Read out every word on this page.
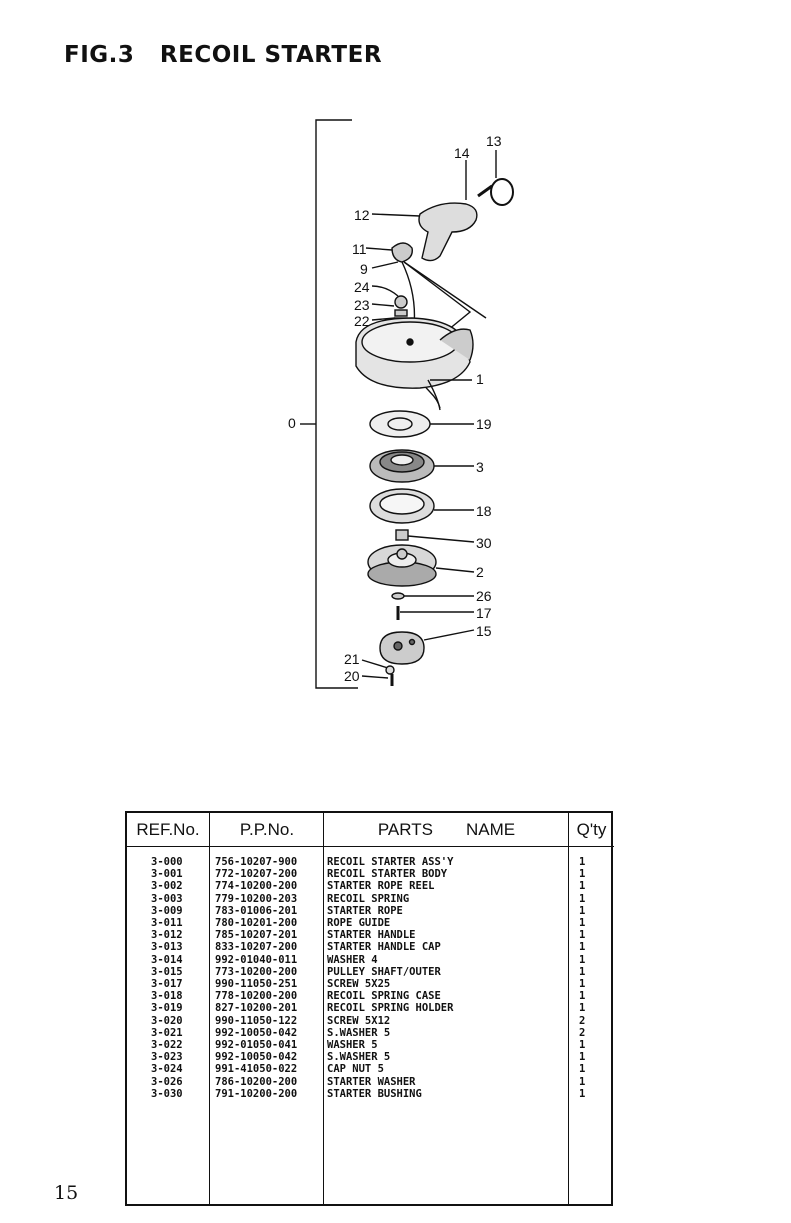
FIG.3   RECOIL STARTER
13
14
12
11
9
24
23
22
1
0	19
3
18
30
2
26
17
15
21
20
REF.No.
3-000
3-001
3-002
3-003
3-009
3-011
3-012
3-013
3-014
3-015
3-017
3-018
3-019
3-020
3-021
3-022
3-023
3-024
3-026
3-030
P.P.No.
756-10207-900
772-10207-200
774-10200-200
779-10200-203
783-01006-201
780-10201-200
785-10207-201
833-10207-200
992-01040-011
773-10200-200
990-11050-251
778-10200-200
827-10200-201
990-11050-122
992-10050-042
992-01050-041
992-10050-042
991-41050-022
786-10200-200
791-10200-200
PARTS       NAME
RECOIL STARTER ASS'Y
RECOIL STARTER BODY
STARTER ROPE REEL
RECOIL SPRING
STARTER ROPE
ROPE GUIDE
STARTER HANDLE
STARTER HANDLE CAP
WASHER 4
PULLEY SHAFT/OUTER
SCREW 5X25
RECOIL SPRING CASE
RECOIL SPRING HOLDER
SCREW 5X12
S.WASHER 5
WASHER 5
S.WASHER 5
CAP NUT 5
STARTER WASHER
STARTER BUSHING
Q'ty
1
1
1
1
1
1
1
1
1
1
1
1
1
2
2
1
1
1
1
1
15
